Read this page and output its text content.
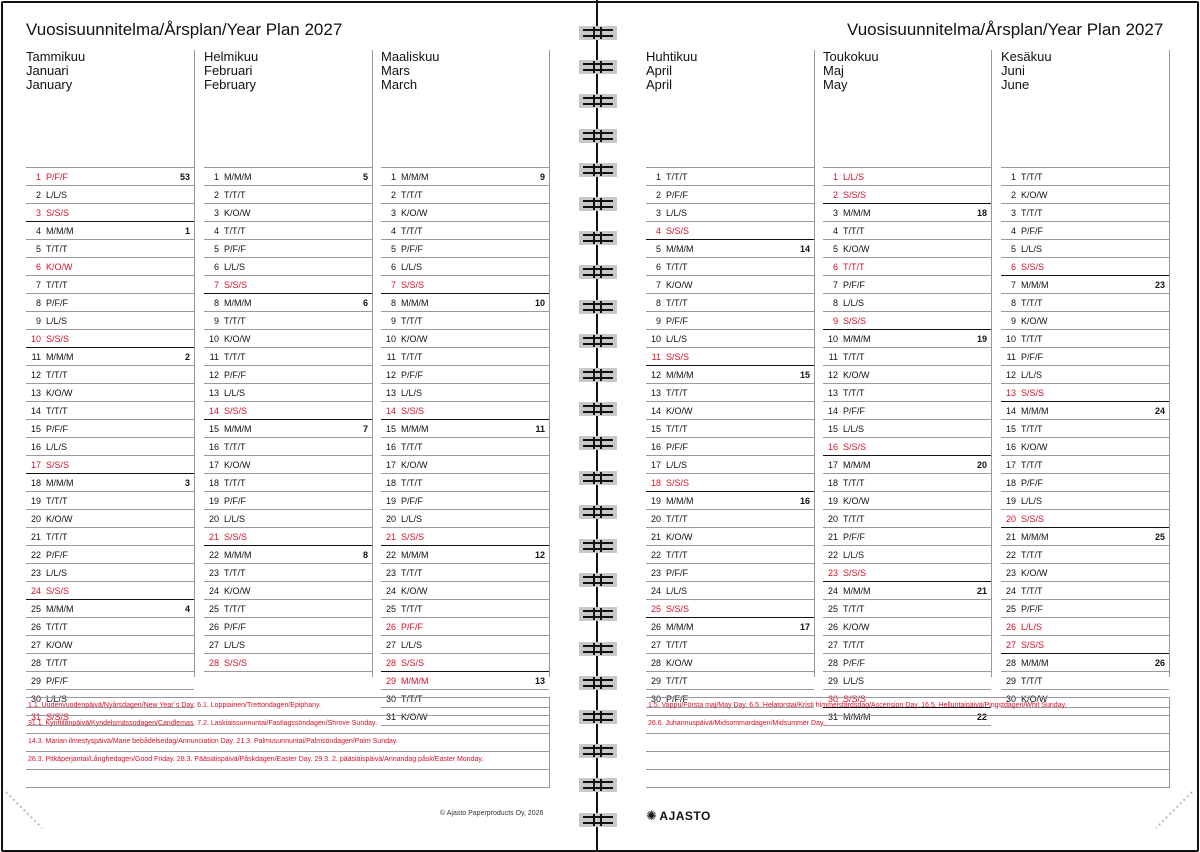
Vuosisuunnitelma/Årsplan/Year Plan 2027
Tammikuu
Januari
January
1 P/F/F	53
2 L/L/S
3 S/S/S
4 M/M/M	1
5 T/T/T
6 K/O/W
7 T/T/T
8 P/F/F
9 L/L/S
10 S/S/S
11 M/M/M	2
12 T/T/T
13 K/O/W
14 T/T/T
15 P/F/F
16 L/L/S
17 S/S/S
18 M/M/M	3
19 T/T/T
20 K/O/W
21 T/T/T
22 P/F/F
23 L/L/S
24 S/S/S
25 M/M/M	4
26 T/T/T
27 K/O/W
28 T/T/T
29 P/F/F
30 L/L/S
31 S/S/S
Helmikuu
Februari
February
1 M/M/M	5
2 T/T/T
3 K/O/W
4 T/T/T
5 P/F/F
6 L/L/S
7 S/S/S
8 M/M/M	6
9 T/T/T
10 K/O/W
11 T/T/T
12 P/F/F
13 L/L/S
14 S/S/S
15 M/M/M	7
16 T/T/T
17 K/O/W
18 T/T/T
19 P/F/F
20 L/L/S
21 S/S/S
22 M/M/M	8
23 T/T/T
24 K/O/W
25 T/T/T
26 P/F/F
27 L/L/S
28 S/S/S
Maaliskuu
Mars
March
1 M/M/M	9
2 T/T/T
3 K/O/W
4 T/T/T
5 P/F/F
6 L/L/S
7 S/S/S
8 M/M/M	10
9 T/T/T
10 K/O/W
11 T/T/T
12 P/F/F
13 L/L/S
14 S/S/S
15 M/M/M	11
16 T/T/T
17 K/O/W
18 T/T/T
19 P/F/F
20 L/L/S
21 S/S/S
22 M/M/M	12
23 T/T/T
24 K/O/W
25 T/T/T
26 P/F/F
27 L/L/S
28 S/S/S
29 M/M/M	13
30 T/T/T
31 K/O/W
1.1. Uudenvuodenpäivä/Nyårsdagen/New Year´s Day. 6.1. Loppiainen/Trettondagen/Epiphany.
31.1. Kynttilänpäivä/Kyndelsmässodagen/Candlemas. 7.2. Laskiaissunnuntai/Fastlagssöndagen/Shrove Sunday.
14.3. Marian ilmestyspäivä/Marie bebådelsedag/Annunciation Day. 21.3. Palmusunnuntai/Palmsöndagen/Palm Sunday.
26.3. Pitkäperjantai/Långfredagen/Good Friday. 28.3. Pääsiäispäivä/Påskdagen/Easter Day. 29.3. 2. pääsiäispäivä/Annandag påsk/Easter Monday.
© Ajasto Paperproducts Oy, 2026
Vuosisuunnitelma/Årsplan/Year Plan 2027
Huhtikuu
April
April
1 T/T/T
2 P/F/F
3 L/L/S
4 S/S/S
5 M/M/M	14
6 T/T/T
7 K/O/W
8 T/T/T
9 P/F/F
10 L/L/S
11 S/S/S
12 M/M/M	15
13 T/T/T
14 K/O/W
15 T/T/T
16 P/F/F
17 L/L/S
18 S/S/S
19 M/M/M	16
20 T/T/T
21 K/O/W
22 T/T/T
23 P/F/F
24 L/L/S
25 S/S/S
26 M/M/M	17
27 T/T/T
28 K/O/W
29 T/T/T
30 P/F/F
Toukokuu
Maj
May
1 L/L/S
2 S/S/S
3 M/M/M	18
4 T/T/T
5 K/O/W
6 T/T/T
7 P/F/F
8 L/L/S
9 S/S/S
10 M/M/M	19
11 T/T/T
12 K/O/W
13 T/T/T
14 P/F/F
15 L/L/S
16 S/S/S
17 M/M/M	20
18 T/T/T
19 K/O/W
20 T/T/T
21 P/F/F
22 L/L/S
23 S/S/S
24 M/M/M	21
25 T/T/T
26 K/O/W
27 T/T/T
28 P/F/F
29 L/L/S
30 S/S/S
31 M/M/M	22
Kesäkuu
Juni
June
1 T/T/T
2 K/O/W
3 T/T/T
4 P/F/F
5 L/L/S
6 S/S/S
7 M/M/M	23
8 T/T/T
9 K/O/W
10 T/T/T
11 P/F/F
12 L/L/S
13 S/S/S
14 M/M/M	24
15 T/T/T
16 K/O/W
17 T/T/T
18 P/F/F
19 L/L/S
20 S/S/S
21 M/M/M	25
22 T/T/T
23 K/O/W
24 T/T/T
25 P/F/F
26 L/L/S
27 S/S/S
28 M/M/M	26
29 T/T/T
30 K/O/W
1.5. Vappu/Första maj/May Day. 6.5. Helatorstai/Kristi himmelsfärdsdag/Ascension Day. 16.5. Helluntaipäivä/Pingstdagen/Whit Sunday.
26.6. Juhannuspäivä/Midsommardagen/Midsummer Day.
✺ AJASTO
